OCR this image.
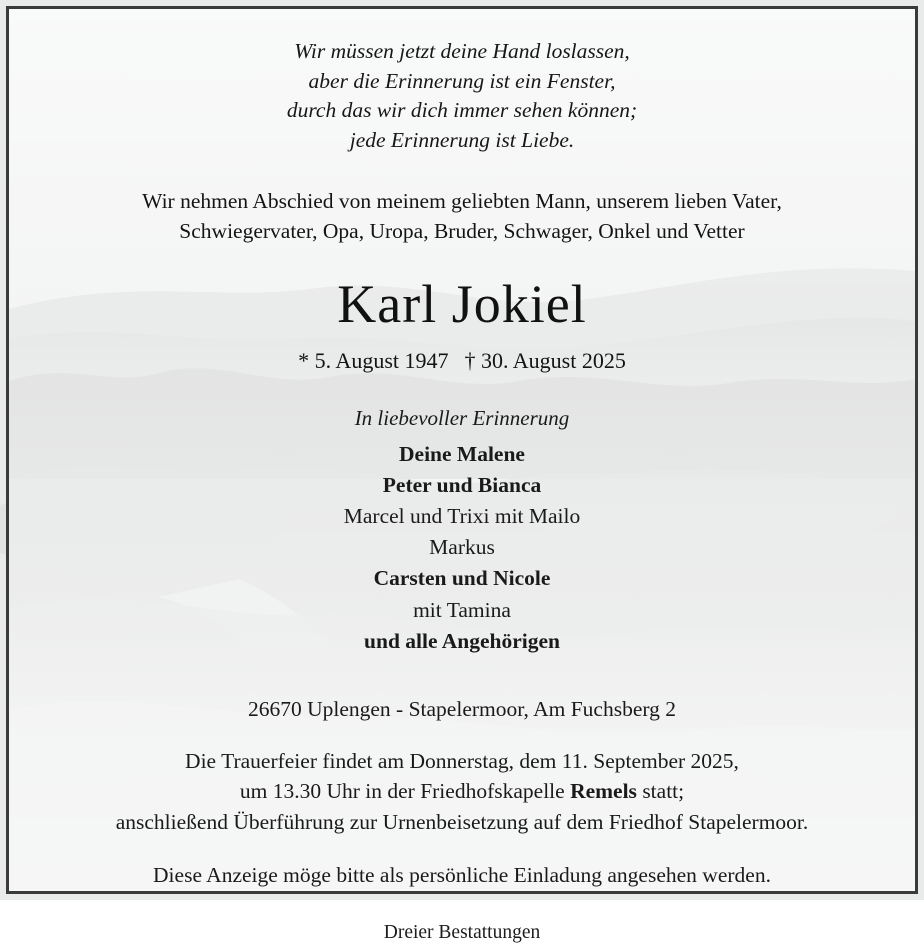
Wir müssen jetzt deine Hand loslassen,
aber die Erinnerung ist ein Fenster,
durch das wir dich immer sehen können;
jede Erinnerung ist Liebe.
Wir nehmen Abschied von meinem geliebten Mann, unserem lieben Vater,
Schwiegervater, Opa, Uropa, Bruder, Schwager, Onkel und Vetter
Karl Jokiel
* 5. August 1947 † 30. August 2025
In liebevoller Erinnerung
Deine Malene
Peter und Bianca
Marcel und Trixi mit Mailo
Markus
Carsten und Nicole
mit Tamina
und alle Angehörigen
26670 Uplengen - Stapelermoor, Am Fuchsberg 2
Die Trauerfeier findet am Donnerstag, dem 11. September 2025,
um 13.30 Uhr in der Friedhofskapelle Remels statt;
anschließend Überführung zur Urnenbeisetzung auf dem Friedhof Stapelermoor.
Diese Anzeige möge bitte als persönliche Einladung angesehen werden.
Dreier Bestattungen
